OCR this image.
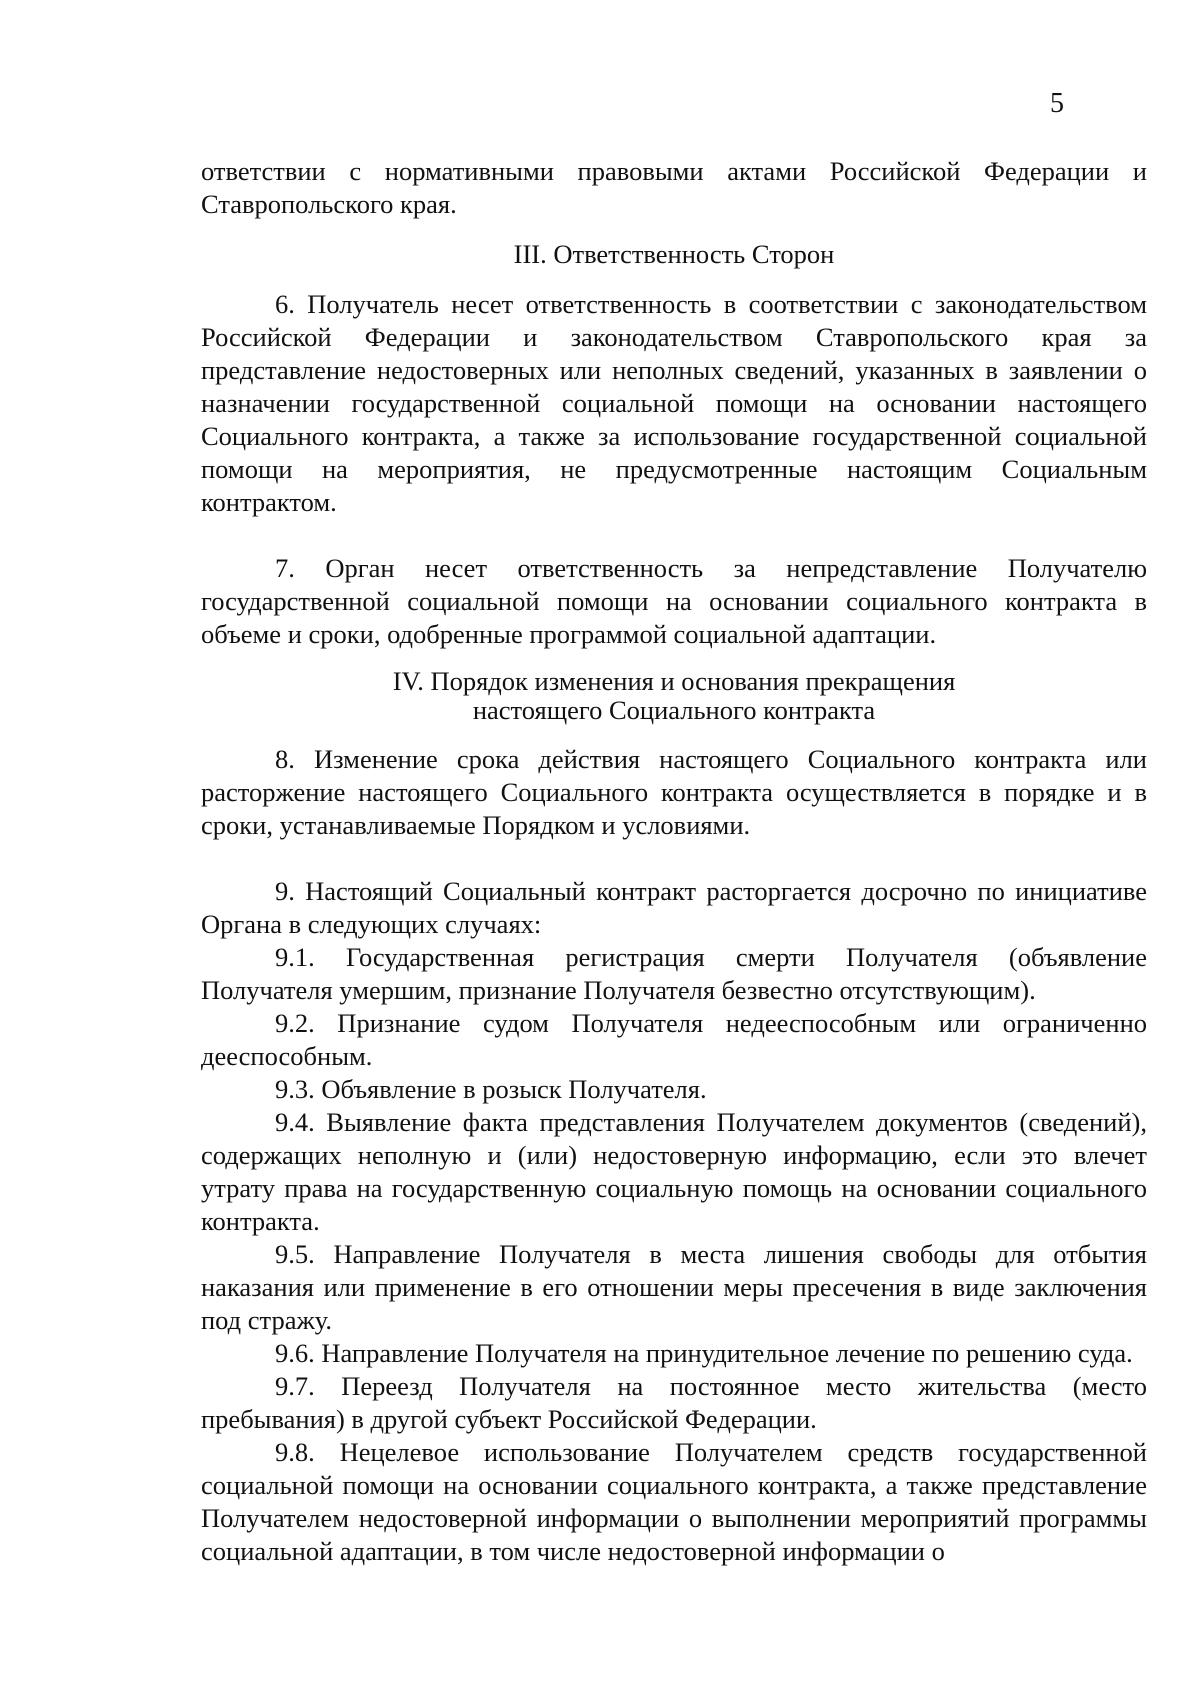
5

ответствии с нормативными правовыми актами Российской Федерации и Ставропольского края.

III. Ответственность Сторон

6. Получатель несет ответственность в соответствии с законодательством Российской Федерации и законодательством Ставропольского края за представление недостоверных или неполных сведений, указанных в заявлении о назначении государственной социальной помощи на основании настоящего Социального контракта, а также за использование государственной социальной помощи на мероприятия, не предусмотренные настоящим Социальным контрактом.

7. Орган несет ответственность за непредставление Получателю государственной социальной помощи на основании социального контракта в объеме и сроки, одобренные программой социальной адаптации.

IV. Порядок изменения и основания прекращения
настоящего Социального контракта

8. Изменение срока действия настоящего Социального контракта или расторжение настоящего Социального контракта осуществляется в порядке и в сроки, устанавливаемые Порядком и условиями.

9. Настоящий Социальный контракт расторгается досрочно по инициативе Органа в следующих случаях:

9.1. Государственная регистрация смерти Получателя (объявление Получателя умершим, признание Получателя безвестно отсутствующим).

9.2. Признание судом Получателя недееспособным или ограниченно дееспособным.

9.3. Объявление в розыск Получателя.

9.4. Выявление факта представления Получателем документов (сведений), содержащих неполную и (или) недостоверную информацию, если это влечет утрату права на государственную социальную помощь на основании социального контракта.

9.5. Направление Получателя в места лишения свободы для отбытия наказания или применение в его отношении меры пресечения в виде заключения под стражу.

9.6. Направление Получателя на принудительное лечение по решению суда.

9.7. Переезд Получателя на постоянное место жительства (место пребывания) в другой субъект Российской Федерации.

9.8. Нецелевое использование Получателем средств государственной социальной помощи на основании социального контракта, а также представление Получателем недостоверной информации о выполнении мероприятий программы социальной адаптации, в том числе недостоверной информации о
